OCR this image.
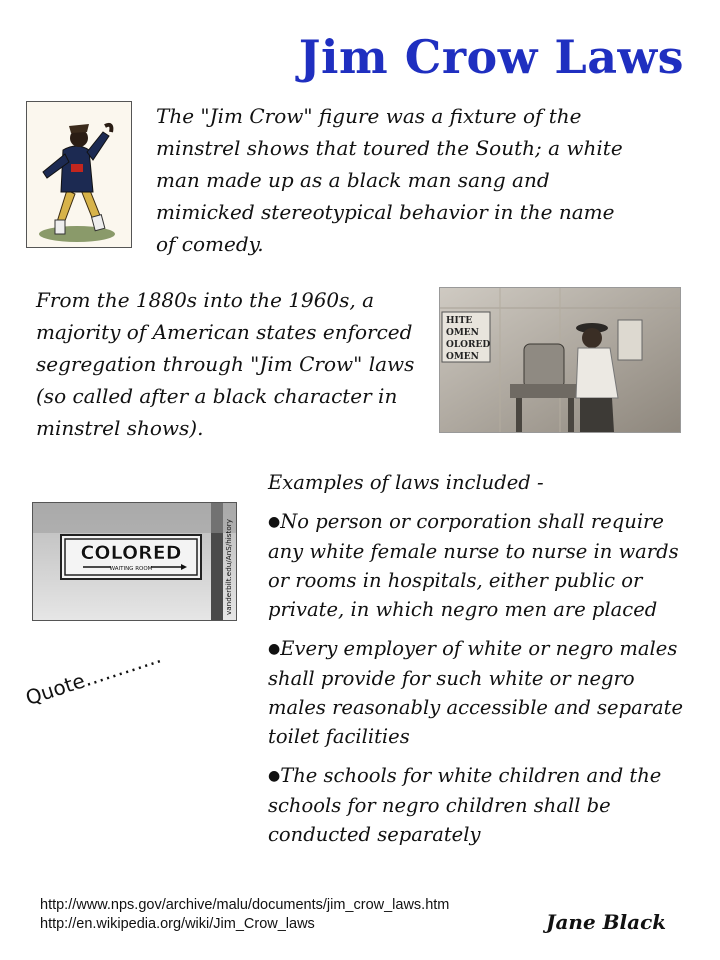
Jim Crow Laws
The "Jim Crow" figure was a fixture of the minstrel shows that toured the South; a white man made up as a black man sang and mimicked stereotypical behavior in the name of comedy.
From the 1880s into the 1960s, a majority of American states enforced segregation through "Jim Crow" laws (so called after a black character in minstrel shows).
HITE
OMEN
OLORED
OMEN
COLORED
WAITING ROOM	vanderbilt.edu/AnS/history

Examples of laws included -

●No person or corporation shall require any white female nurse to nurse in wards or rooms in hospitals, either public or private, in which negro men are placed

●Every employer of white or negro males shall provide for such white or negro males reasonably accessible and separate toilet facilities

●The schools for white children and the schools for negro children shall be conducted separately

Quote…………
http://www.nps.gov/archive/malu/documents/jim_crow_laws.htm
http://en.wikipedia.org/wiki/Jim_Crow_laws	Jane Black
